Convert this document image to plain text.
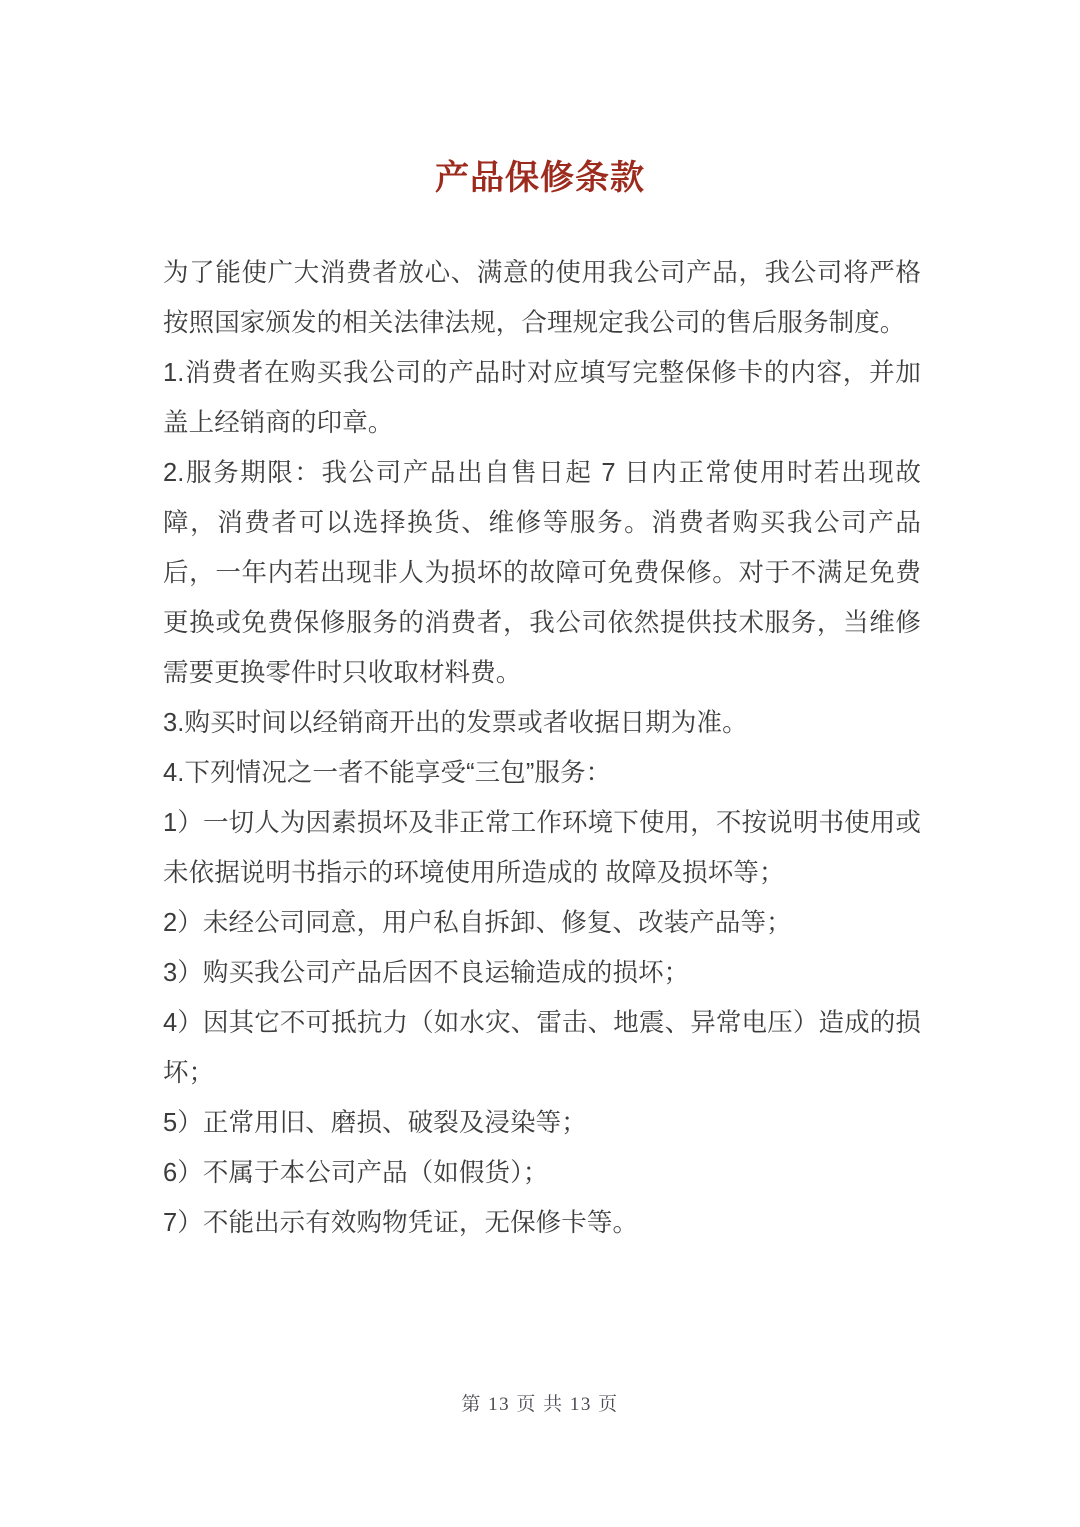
产品保修条款

为了能使广大消费者放心、满意的使用我公司产品，我公司将严格按照国家颁发的相关法律法规，合理规定我公司的售后服务制度。

1.消费者在购买我公司的产品时对应填写完整保修卡的内容，并加盖上经销商的印章。

2.服务期限：我公司产品出自售日起 7 日内正常使用时若出现故障，消费者可以选择换货、维修等服务。消费者购买我公司产品后，一年内若出现非人为损坏的故障可免费保修。对于不满足免费更换或免费保修服务的消费者，我公司依然提供技术服务，当维修需要更换零件时只收取材料费。

3.购买时间以经销商开出的发票或者收据日期为准。

4.下列情况之一者不能享受“三包”服务：

1）一切人为因素损坏及非正常工作环境下使用，不按说明书使用或未依据说明书指示的环境使用所造成的 故障及损坏等；

2）未经公司同意，用户私自拆卸、修复、改装产品等；

3）购买我公司产品后因不良运输造成的损坏；

4）因其它不可抵抗力（如水灾、雷击、地震、异常电压）造成的损坏；

5）正常用旧、磨损、破裂及浸染等；

6）不属于本公司产品（如假货）；

7）不能出示有效购物凭证，无保修卡等。

第 13 页 共 13 页
